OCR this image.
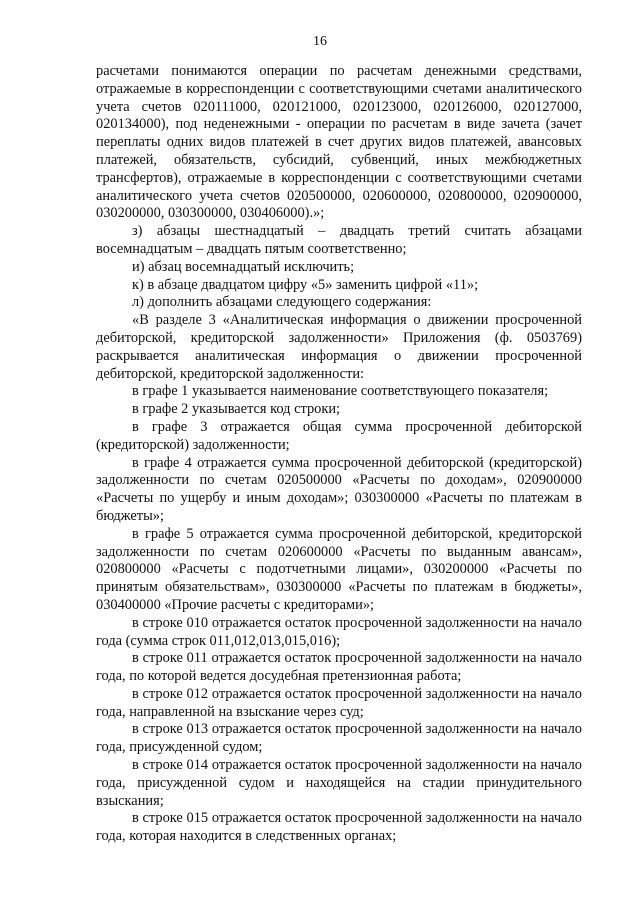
16

расчетами понимаются операции по расчетам денежными средствами, отражаемые в корреспонденции с соответствующими счетами аналитического учета счетов 020111000, 020121000, 020123000, 020126000, 020127000, 020134000), под неденежными - операции по расчетам в виде зачета (зачет переплаты одних видов платежей в счет других видов платежей, авансовых платежей, обязательств, субсидий, субвенций, иных межбюджетных трансфертов), отражаемые в корреспонденции с соответствующими счетами аналитического учета счетов 020500000, 020600000, 020800000, 020900000, 030200000, 030300000, 030406000).»;

з) абзацы шестнадцатый – двадцать третий считать абзацами восемнадцатым – двадцать пятым соответственно;

и) абзац восемнадцатый исключить;

к) в абзаце двадцатом цифру «5» заменить цифрой «11»;

л) дополнить абзацами следующего содержания:

«В разделе 3 «Аналитическая информация о движении просроченной дебиторской, кредиторской задолженности» Приложения (ф. 0503769) раскрывается аналитическая информация о движении просроченной дебиторской, кредиторской задолженности:

в графе 1 указывается наименование соответствующего показателя;

в графе 2 указывается код строки;

в графе 3 отражается общая сумма просроченной дебиторской (кредиторской) задолженности;

в графе 4 отражается сумма просроченной дебиторской (кредиторской) задолженности по счетам 020500000 «Расчеты по доходам», 020900000 «Расчеты по ущербу и иным доходам»; 030300000 «Расчеты по платежам в бюджеты»;

в графе 5 отражается сумма просроченной дебиторской, кредиторской задолженности по счетам 020600000 «Расчеты по выданным авансам», 020800000 «Расчеты с подотчетными лицами», 030200000 «Расчеты по принятым обязательствам», 030300000 «Расчеты по платежам в бюджеты», 030400000 «Прочие расчеты с кредиторами»;

в строке 010 отражается остаток просроченной задолженности на начало года (сумма строк 011,012,013,015,016);

в строке 011 отражается остаток просроченной задолженности на начало года, по которой ведется досудебная претензионная работа;

в строке 012 отражается остаток просроченной задолженности на начало года, направленной на взыскание через суд;

в строке 013 отражается остаток просроченной задолженности на начало года, присужденной судом;

в строке 014 отражается остаток просроченной задолженности на начало года, присужденной судом и находящейся на стадии принудительного взыскания;

в строке 015 отражается остаток просроченной задолженности на начало года, которая находится в следственных органах;
